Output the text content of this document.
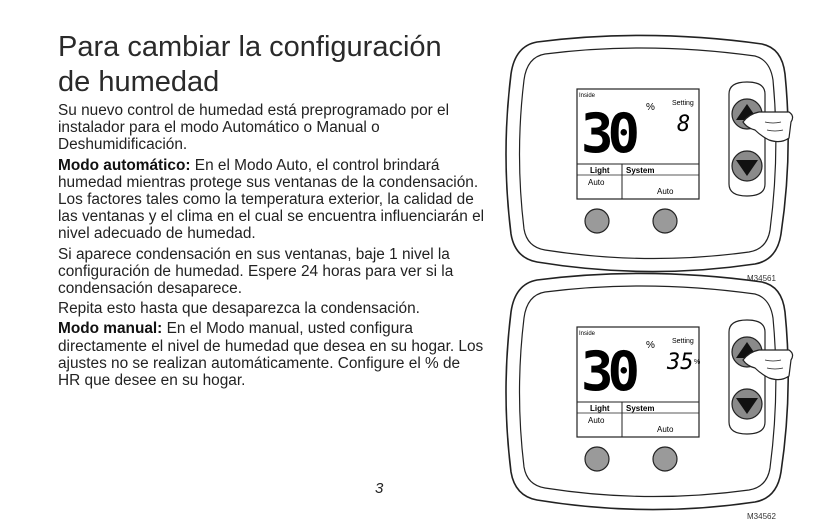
Para cambiar la configuración
de humedad

Su nuevo control de humedad está preprogramado por el instalador para el modo Automático o Manual o Deshumidificación.

Modo automático: En el Modo Auto, el control brindará humedad mientras protege sus ventanas de la condensación. Los factores tales como la temperatura exterior, la calidad de las ventanas y el clima en el cual se encuentra influenciarán el nivel adecuado de humedad.

Si aparece condensación en sus ventanas, baje 1 nivel la configuración de humedad. Espere 24 horas para ver si la condensación desaparece.

Repita esto hasta que desaparezca la condensación.

Modo manual: En el Modo manual, usted configura directamente el nivel de humedad que desea en su hogar. Los ajustes no se realizan automáticamente. Configure el % de HR que desee en su hogar.

3
Inside
30	% Setting
8
Light
Auto
System
Auto
M34561
Inside
30	% Setting
35 %
Light
Auto
System
Auto
M34562
